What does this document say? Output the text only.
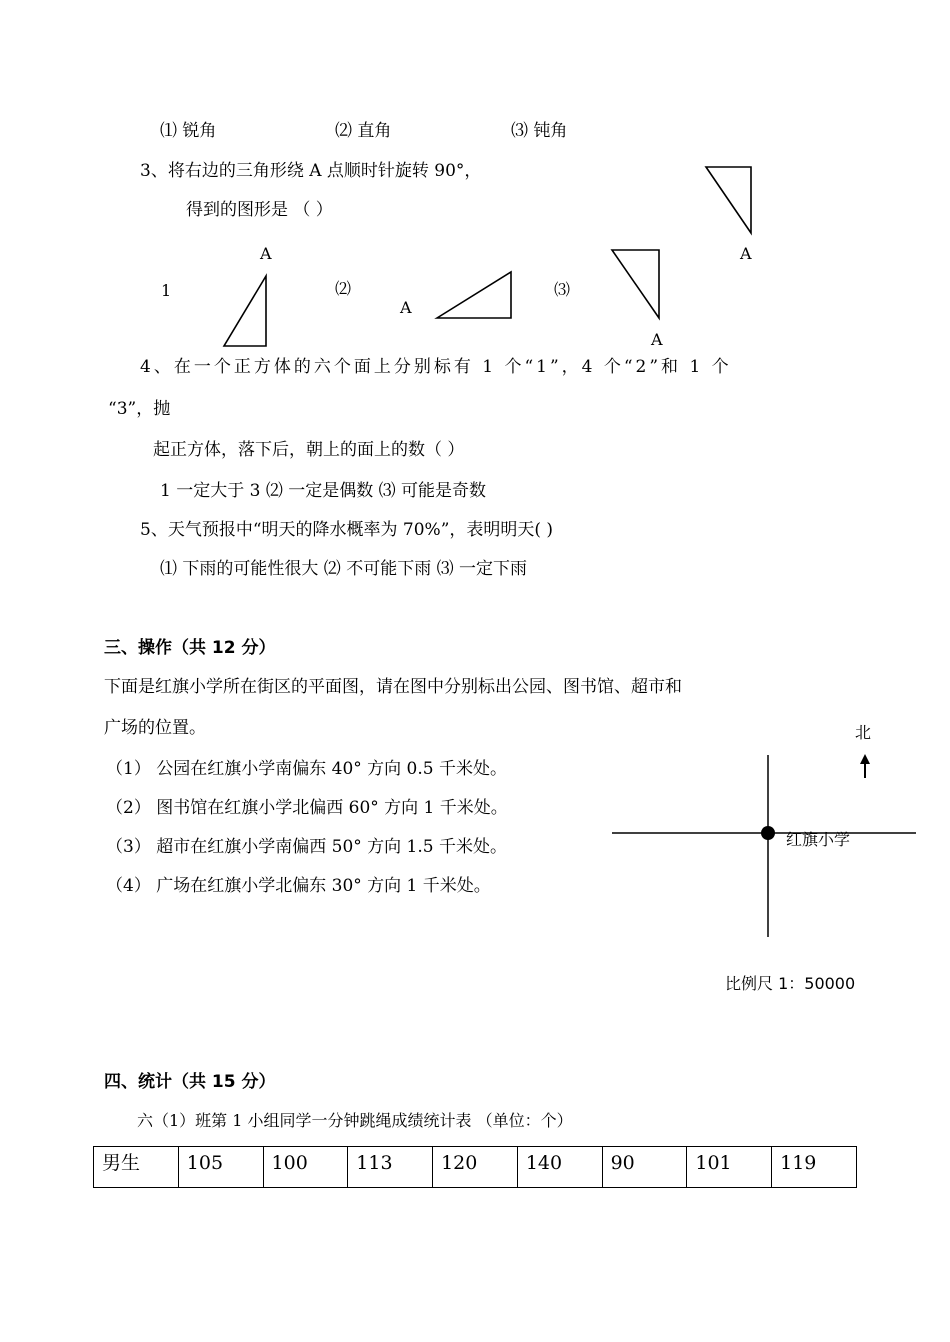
⑴ 锐角	⑵ 直角	⑶ 钝角
3、将右边的三角形绕 A 点顺时针旋转 90°，
得到的图形是 （ ）
A
1	⑵
A
⑶
A
A
4、在一个正方体的六个面上分别标有 1 个“1”，4 个“2”和 1 个
“3”，抛
起正方体，落下后，朝上的面上的数（ ）
1 一定大于 3 ⑵ 一定是偶数 ⑶ 可能是奇数
5、天气预报中“明天的降水概率为 70%”，表明明天( )
⑴ 下雨的可能性很大 ⑵ 不可能下雨 ⑶ 一定下雨
三、操作（共 12 分）
下面是红旗小学所在街区的平面图，请在图中分别标出公园、图书馆、超市和
广场的位置。
（1） 公园在红旗小学南偏东 40° 方向 0.5 千米处。
（2） 图书馆在红旗小学北偏西 60° 方向 1 千米处。
（3） 超市在红旗小学南偏西 50° 方向 1.5 千米处。
（4） 广场在红旗小学北偏东 30° 方向 1 千米处。
北
红旗小学
比例尺 1：50000
四、统计（共 15 分）
六（1）班第 1 小组同学一分钟跳绳成绩统计表 （单位：个）
男生	105	100	113	120	140	90	101	119
